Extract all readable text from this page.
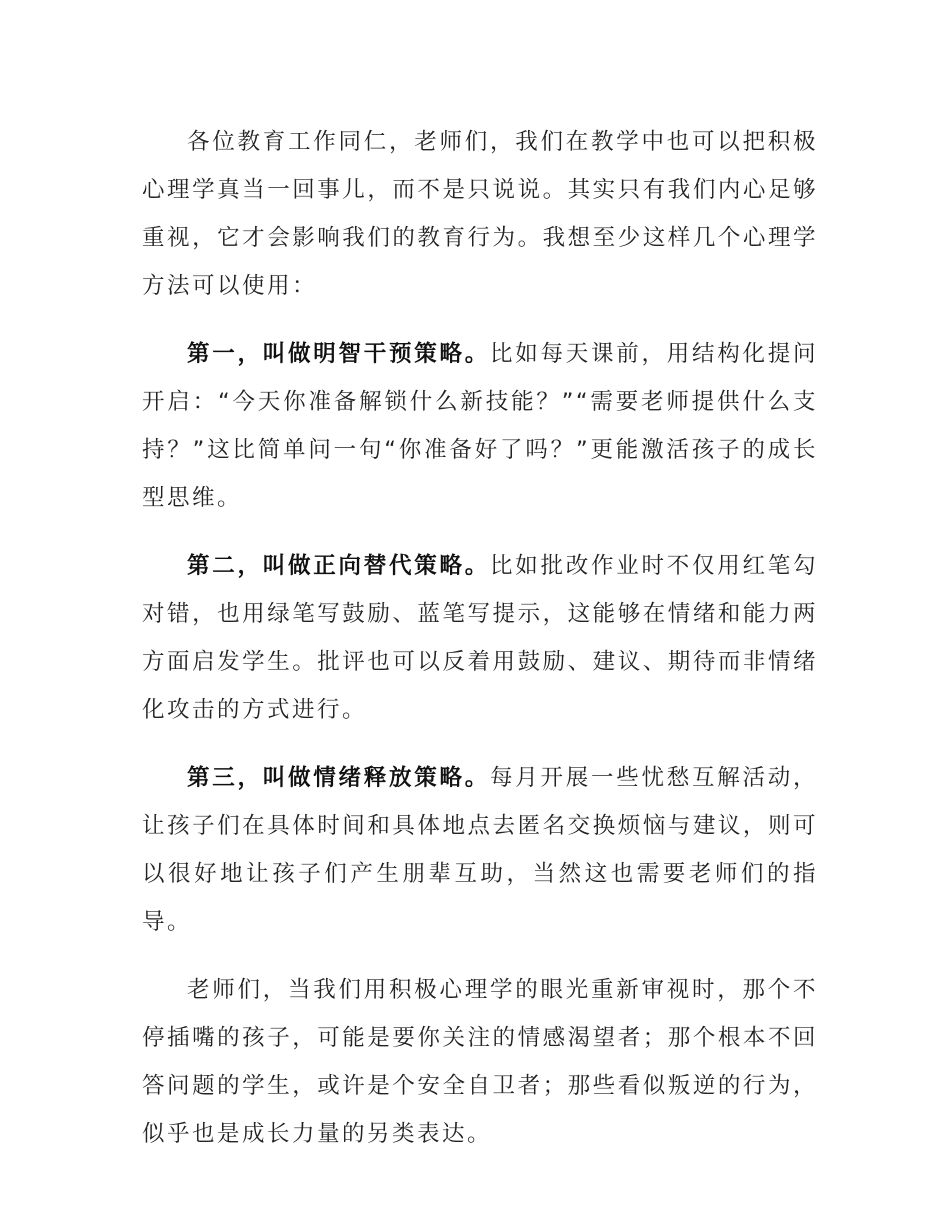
各位教育工作同仁，老师们，我们在教学中也可以把积极心理学真当一回事儿，而不是只说说。其实只有我们内心足够重视，它才会影响我们的教育行为。我想至少这样几个心理学方法可以使用：

第一，叫做明智干预策略。比如每天课前，用结构化提问开启：“今天你准备解锁什么新技能？”“需要老师提供什么支持？”这比简单问一句“你准备好了吗？”更能激活孩子的成长型思维。

第二，叫做正向替代策略。比如批改作业时不仅用红笔勾对错，也用绿笔写鼓励、蓝笔写提示，这能够在情绪和能力两方面启发学生。批评也可以反着用鼓励、建议、期待而非情绪化攻击的方式进行。

第三，叫做情绪释放策略。每月开展一些忧愁互解活动，让孩子们在具体时间和具体地点去匿名交换烦恼与建议，则可以很好地让孩子们产生朋辈互助，当然这也需要老师们的指导。

老师们，当我们用积极心理学的眼光重新审视时，那个不停插嘴的孩子，可能是要你关注的情感渴望者；那个根本不回答问题的学生，或许是个安全自卫者；那些看似叛逆的行为，似乎也是成长力量的另类表达。
